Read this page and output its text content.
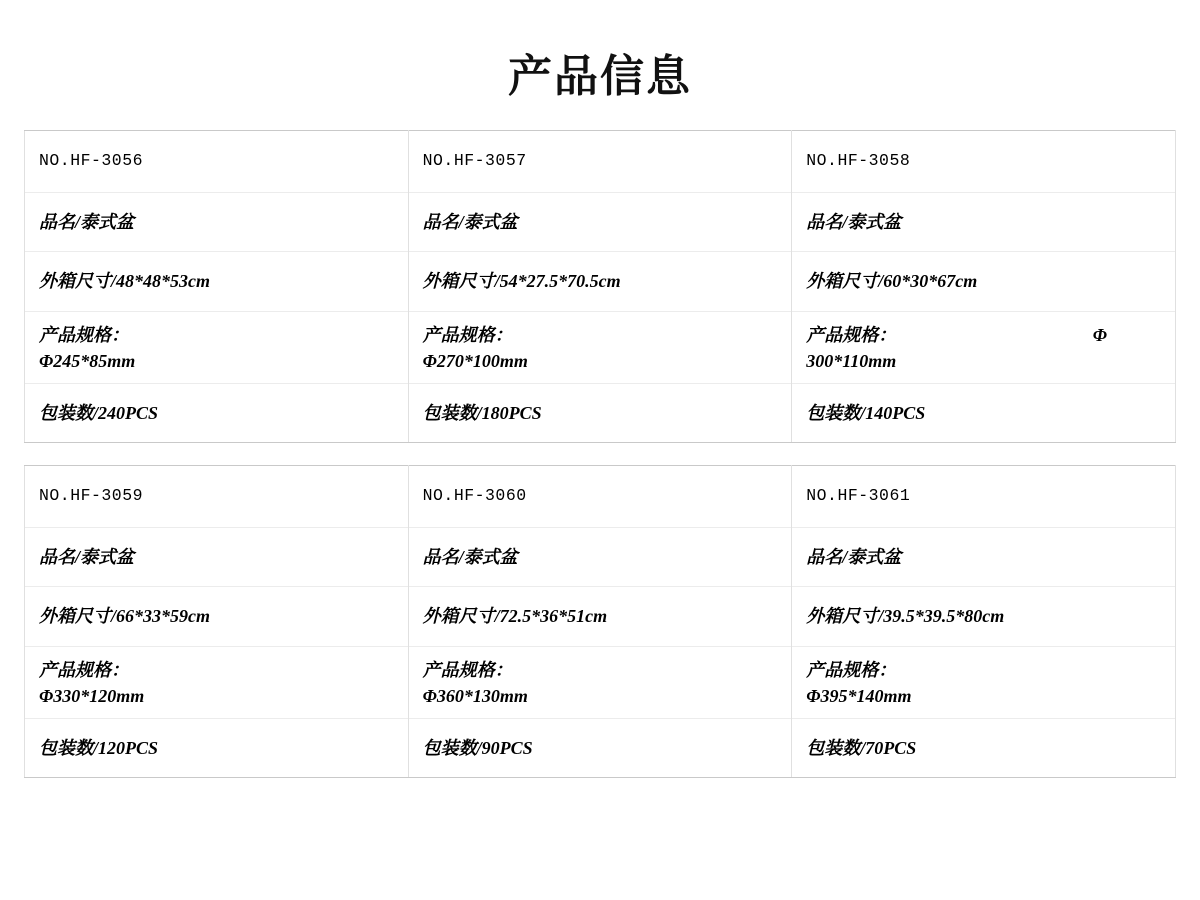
产品信息
NO.HF-3056
品名/泰式盆
外箱尺寸/48*48*53cm
产品规格：
Φ245*85mm
包装数/240PCS

NO.HF-3057
品名/泰式盆
外箱尺寸/54*27.5*70.5cm
产品规格：
Φ270*100mm
包装数/180PCS

NO.HF-3058
品名/泰式盆
外箱尺寸/60*30*67cm
产品规格：
300*110mm
Φ
包装数/140PCS

NO.HF-3059
品名/泰式盆
外箱尺寸/66*33*59cm
产品规格：
Φ330*120mm
包装数/120PCS

NO.HF-3060
品名/泰式盆
外箱尺寸/72.5*36*51cm
产品规格：
Φ360*130mm
包装数/90PCS

NO.HF-3061
品名/泰式盆
外箱尺寸/39.5*39.5*80cm
产品规格：
Φ395*140mm
包装数/70PCS
